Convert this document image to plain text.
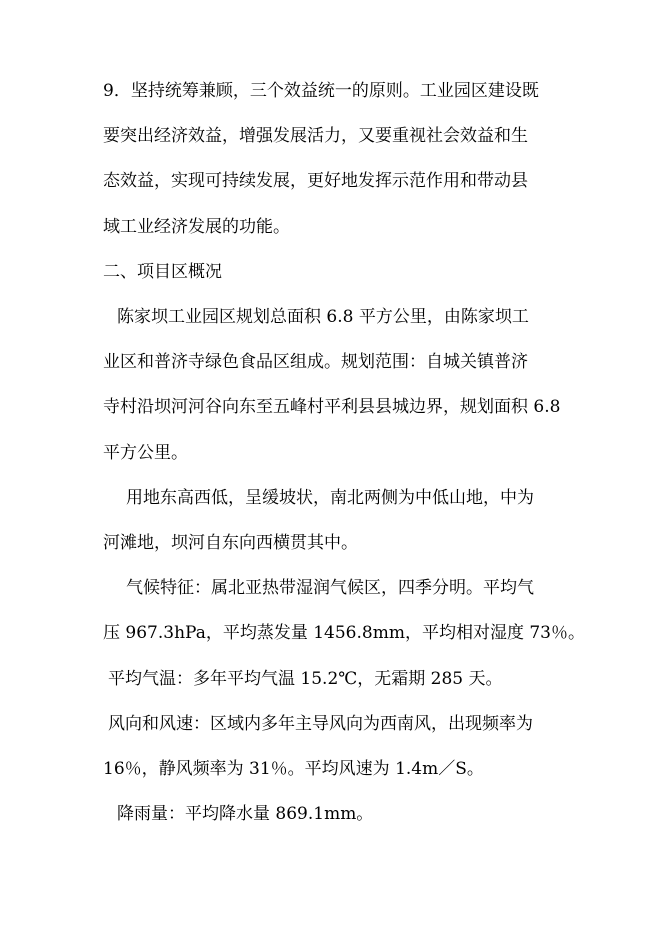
9．坚持统筹兼顾，三个效益统一的原则。工业园区建设既
要突出经济效益，增强发展活力，又要重视社会效益和生
态效益，实现可持续发展，更好地发挥示范作用和带动县
域工业经济发展的功能。
二、项目区概况
陈家坝工业园区规划总面积 6.8 平方公里，由陈家坝工
业区和普济寺绿色食品区组成。规划范围：自城关镇普济
寺村沿坝河河谷向东至五峰村平利县县城边界，规划面积 6.8
平方公里。
用地东高西低，呈缓坡状，南北两侧为中低山地，中为
河滩地，坝河自东向西横贯其中。
气候特征：属北亚热带湿润气候区，四季分明。平均气
压 967.3hPa，平均蒸发量 1456.8mm，平均相对湿度 73％。
平均气温：多年平均气温 15.2℃，无霜期 285 天。
风向和风速：区域内多年主导风向为西南风，出现频率为
16％，静风频率为 31％。平均风速为 1.4m／S。
降雨量：平均降水量 869.1mm。
